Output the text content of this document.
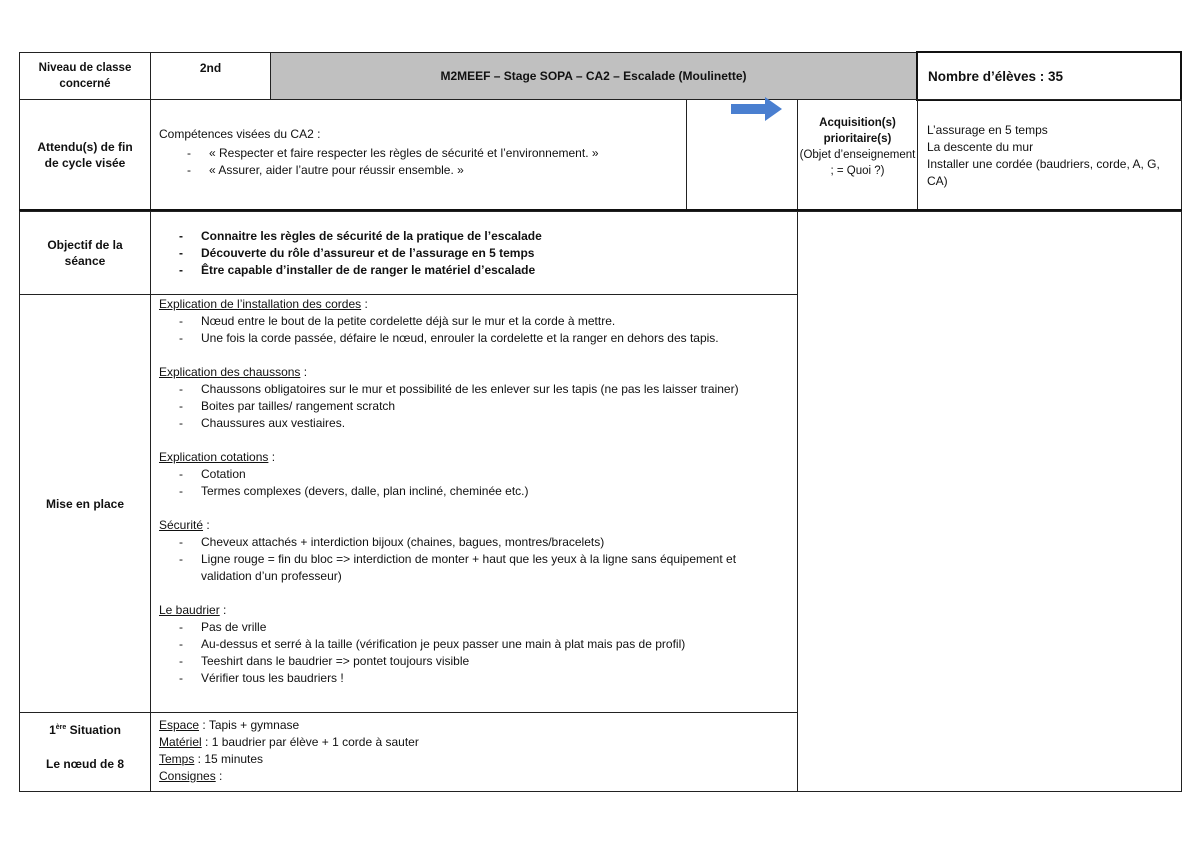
Niveau de classe concerné
2nd
M2MEEF – Stage SOPA – CA2 – Escalade (Moulinette)	Nombre d’élèves : 35
Attendu(s) de fin de cycle visée
Compétences visées du CA2 :
- « Respecter et faire respecter les règles de sécurité et l’environnement. »
- « Assurer, aider l’autre pour réussir ensemble. »
Acquisition(s) prioritaire(s)
(Objet d’enseignement ; = Quoi ?)
L’assurage en 5 temps
La descente du mur
Installer une cordée (baudriers, corde, A, G, CA)
Objectif de la séance
- Connaitre les règles de sécurité de la pratique de l’escalade
- Découverte du rôle d’assureur et de l’assurage en 5 temps
- Être capable d’installer de de ranger le matériel d’escalade
Mise en place
Explication de l’installation des cordes :
- Nœud entre le bout de la petite cordelette déjà sur le mur et la corde à mettre.
- Une fois la corde passée, défaire le nœud, enrouler la cordelette et la ranger en dehors des tapis.
Explication des chaussons :
- Chaussons obligatoires sur le mur et possibilité de les enlever sur les tapis (ne pas les laisser trainer)
- Boites par tailles/ rangement scratch
- Chaussures aux vestiaires.
Explication cotations :
- Cotation
- Termes complexes (devers, dalle, plan incliné, cheminée etc.)
Sécurité :
- Cheveux attachés + interdiction bijoux (chaines, bagues, montres/bracelets)
- Ligne rouge = fin du bloc => interdiction de monter + haut que les yeux à la ligne sans équipement et validation d’un professeur)
Le baudrier :
- Pas de vrille
- Au-dessus et serré à la taille (vérification je peux passer une main à plat mais pas de profil)
- Teeshirt dans le baudrier => pontet toujours visible
- Vérifier tous les baudriers !
1ère Situation
Le nœud de 8
Espace : Tapis + gymnase
Matériel : 1 baudrier par élève + 1 corde à sauter
Temps : 15 minutes
Consignes :
